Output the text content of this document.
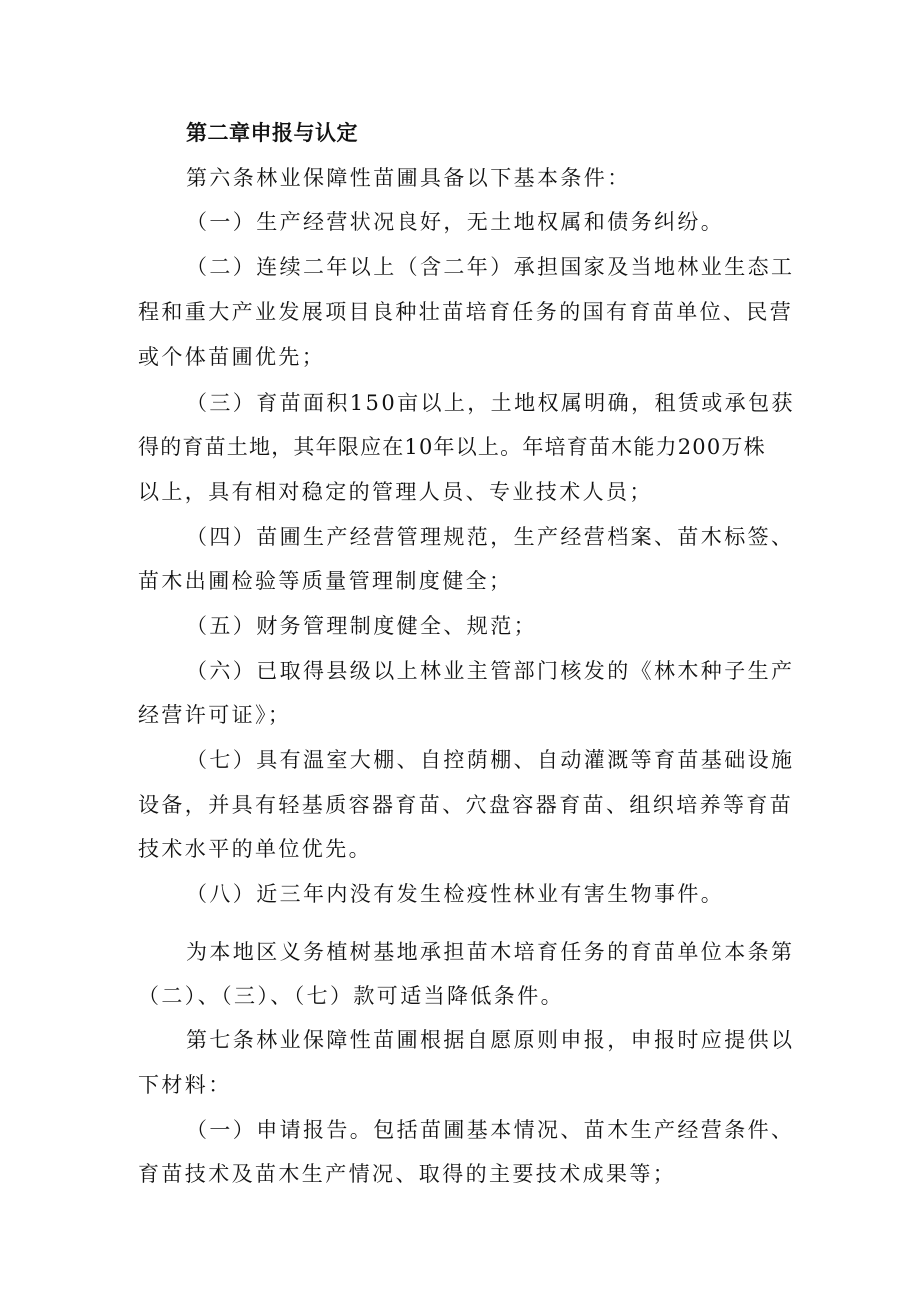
第二章申报与认定
第六条林业保障性苗圃具备以下基本条件：
（一）生产经营状况良好，无土地权属和债务纠纷。
（二）连续二年以上（含二年）承担国家及当地林业生态工
程和重大产业发展项目良种壮苗培育任务的国有育苗单位、民营
或个体苗圃优先；
（三）育苗面积150亩以上，土地权属明确，租赁或承包获
得的育苗土地，其年限应在10年以上。年培育苗木能力200万株
以上，具有相对稳定的管理人员、专业技术人员；
（四）苗圃生产经营管理规范，生产经营档案、苗木标签、
苗木出圃检验等质量管理制度健全；
（五）财务管理制度健全、规范；
（六）已取得县级以上林业主管部门核发的《林木种子生产
经营许可证》；
（七）具有温室大棚、自控荫棚、自动灌溉等育苗基础设施
设备，并具有轻基质容器育苗、穴盘容器育苗、组织培养等育苗
技术水平的单位优先。
（八）近三年内没有发生检疫性林业有害生物事件。
为本地区义务植树基地承担苗木培育任务的育苗单位本条第
（二）、（三）、（七）款可适当降低条件。
第七条林业保障性苗圃根据自愿原则申报，申报时应提供以
下材料：
（一）申请报告。包括苗圃基本情况、苗木生产经营条件、
育苗技术及苗木生产情况、取得的主要技术成果等；
